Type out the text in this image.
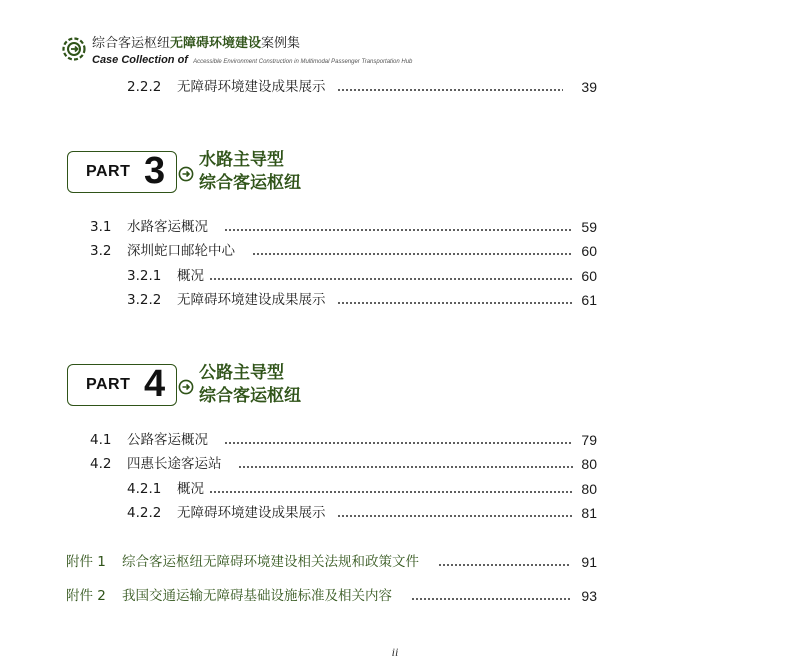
综合客运枢纽无障碍环境建设案例集
Case Collection of Accessible Environment Construction in Multimodal Passenger Transportation Hub
2.2.2 无障碍环境建设成果展示	39
PART 3 水路主导型
综合客运枢纽
3.1 水路客运概况	59
3.2 深圳蛇口邮轮中心	60
3.2.1 概况	60
3.2.2 无障碍环境建设成果展示	61
PART 4 公路主导型
综合客运枢纽
4.1 公路客运概况	79
4.2 四惠长途客运站	80
4.2.1 概况	80
4.2.2 无障碍环境建设成果展示	81
附件 1 综合客运枢纽无障碍环境建设相关法规和政策文件	91
附件 2 我国交通运输无障碍基础设施标准及相关内容	93
ii
